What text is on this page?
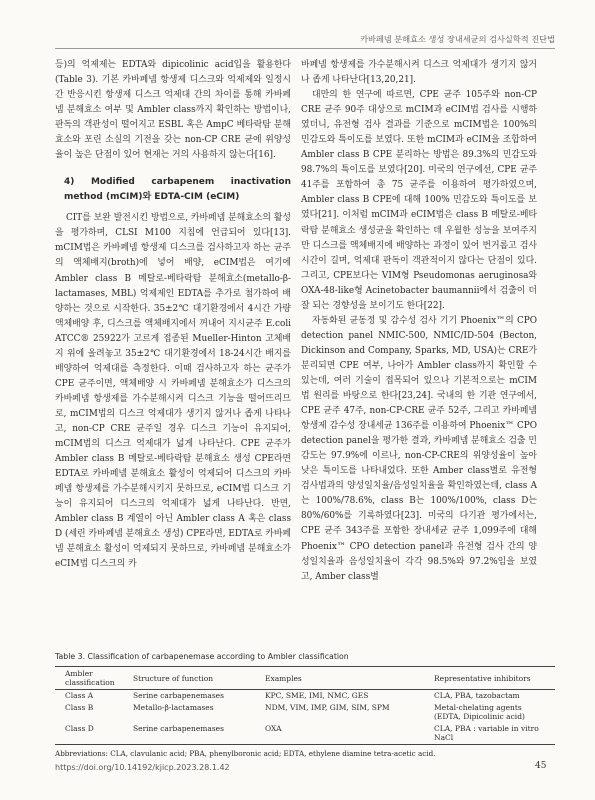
카바페넴 분해효소 생성 장내세균의 검사실학적 진단법

등)의 억제제는 EDTA와 dipicolinic acid입을 활용한다(Table 3). 기본 카바페넴 항생제 디스크와 억제제와 일정시간 반응시킨 항생제 디스크 억제대 간의 차이를 통해 카바페넴 분해효소 여부 및 Ambler class까지 확인하는 방법이나, 판독의 객관성이 떨어지고 ESBL 혹은 AmpC 베타락탐 분해효소와 포린 소실의 기전을 갖는 non-CP CRE 균에 위양성율이 높은 단점이 있어 현재는 거의 사용하지 않는다[16].

4) Modified carbapenem inactivation method (mCIM)와 EDTA-CIM (eCIM)

CIT를 보완 발전시킨 방법으로, 카바페넴 분해효소의 활성을 평가하며, CLSI M100 지침에 언급되어 있다[13]. mCIM법은 카바페넴 항생제 디스크를 검사하고자 하는 균주의 액체배지(broth)에 넣어 배양, eCIM법은 여기에 Ambler class B 메탈로-베타락탐 분해효소(metallo-β-lactamases, MBL) 억제제인 EDTA를 추가로 첨가하여 배양하는 것으로 시작한다. 35±2℃ 대기환경에서 4시간 가량 액체배양 후, 디스크를 액체배지에서 꺼내어 지시균주 E.coli ATCC® 25922가 고르게 접종된 Mueller-Hinton 고체배지 위에 올려놓고 35±2℃ 대기환경에서 18-24시간 배지를 배양하여 억제대를 측정한다. 이때 검사하고자 하는 균주가 CPE 균주이면, 액체배양 시 카바페넴 분해효소가 디스크의 카바페넴 항생제를 가수분해시켜 디스크 기능을 떨어뜨리므로, mCIM법의 디스크 억제대가 생기지 않거나 좁게 나타나고, non-CP CRE 균주일 경우 디스크 기능이 유지되어, mCIM법의 디스크 억제대가 넓게 나타난다. CPE 균주가 Ambler class B 메탈로-베타락탐 분해효소 생성 CPE라면 EDTA로 카바페넴 분해효소 활성이 억제되어 디스크의 카바페넴 항생제를 가수분해시키지 못하므로, eCIM법 디스크 기능이 유지되어 디스크의 억제대가 넓게 나타난다. 반면, Ambler class B 계열이 아닌 Ambler class A 혹은 class D (세린 카바페넴 분해효소 생성) CPE라면, EDTA로 카바페넴 분해효소 활성이 억제되지 못하므로, 카바페넴 분해효소가 eCIM법 디스크의 카

바페넴 항생제를 가수분해시켜 디스크 억제대가 생기지 않거나 좁게 나타난다[13,20,21].

대만의 한 연구에 따르면, CPE 균주 105주와 non-CP CRE 균주 90주 대상으로 mCIM과 eCIM법 검사를 시행하였더니, 유전형 검사 결과를 기준으로 mCIM법은 100%의 민감도와 특이도를 보였다. 또한 mCIM과 eCIM을 조합하여 Ambler class B CPE 분리하는 방법은 89.3%의 민감도와 98.7%의 특이도를 보였다[20]. 미국의 연구에선, CPE 균주 41주를 포함하여 총 75 균주를 이용하여 평가하였으며, Ambler class B CPE에 대해 100% 민감도와 특이도를 보였다[21]. 이처럼 mCIM과 eCIM법은 class B 메탈로-베타락탐 분해효소 생성균을 확인하는 데 우월한 성능을 보여주지만 디스크를 액체배지에 배양하는 과정이 있어 번거롭고 검사 시간이 길며, 억제대 판독이 객관적이지 않다는 단점이 있다. 그리고, CPE보다는 VIM형 Pseudomonas aeruginosa와 OXA-48-like형 Acinetobacter baumannii에서 검출이 더 잘 되는 경향성을 보이기도 한다[22].

자동화된 균동정 및 감수성 검사 기기 Phoenix™의 CPO detection panel NMIC-500, NMIC/ID-504 (Becton, Dickinson and Company, Sparks, MD, USA)는 CRE가 분리되면 CPE 여부, 나아가 Ambler class까지 확인할 수 있는데, 여러 기술이 접목되어 있으나 기본적으로는 mCIM법 원리를 바탕으로 한다[23,24]. 국내의 한 기관 연구에서, CPE 균주 47주, non-CP-CRE 균주 52주, 그리고 카바페넴 항생제 감수성 장내세균 136주를 이용하여 Phoenix™ CPO detection panel을 평가한 결과, 카바페넴 분해효소 검출 민감도는 97.9%에 이르나, non-CP-CRE의 위양성율이 높아 낮은 특이도를 나타내었다. 또한 Amber class별로 유전형 검사법과의 양성일치율/음성일치율을 확인하였는데, class A는 100%/78.6%, class B는 100%/100%, class D는 80%/60%를 기록하였다[23]. 미국의 다기관 평가에서는, CPE 균주 343주를 포함한 장내세균 균주 1,099주에 대해 Phoenix™ CPO detection panel과 유전형 검사 간의 양성일치율과 음성일치율이 각각 98.5%와 97.2%임을 보였고, Amber class별

Table 3. Classification of carbapenemase according to Ambler classification
Ambler classification	Structure of function	Examples	Representative inhibitors
Class A	Serine carbapenemases	KPC, SME, IMI, NMC, GES	CLA, PBA, tazobactam
Class B	Metallo-β-lactamases	NDM, VIM, IMP, GIM, SIM, SPM	Metal-chelating agents
(EDTA, Dipicolinic acid)
Class D	Serine carbapenemases	OXA	CLA, PBA : variable in vitro NaCl
Abbreviations: CLA, clavulanic acid; PBA, phenylboronic acid; EDTA, ethylene diamine tetra-acetic acid.
https://doi.org/10.14192/kjicp.2023.28.1.42	45
